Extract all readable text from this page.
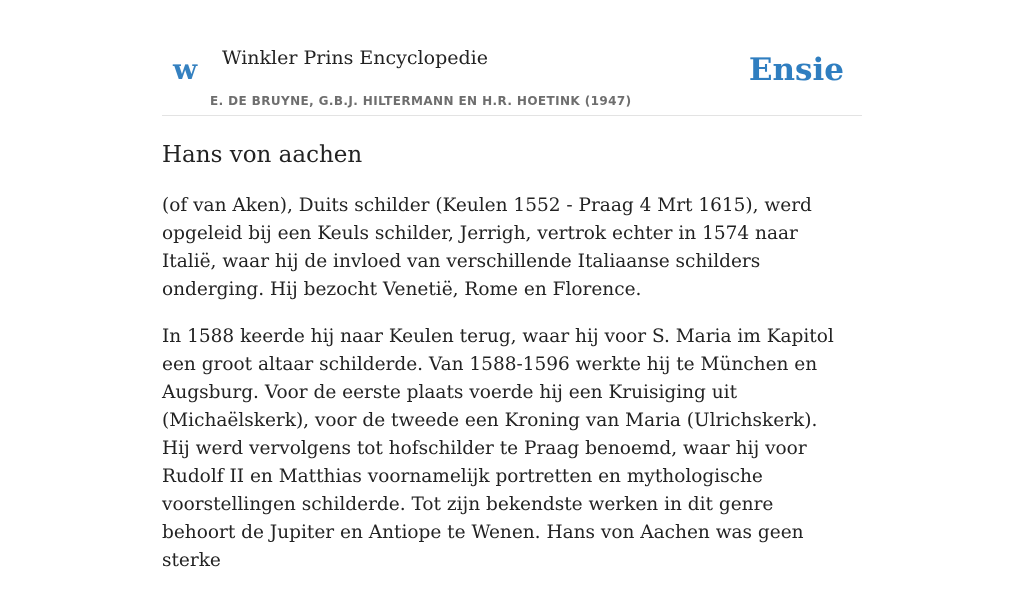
w Winkler Prins Encyclopedie
E. DE BRUYNE, G.B.J. HILTERMANN EN H.R. HOETINK (1947)
Ensie
Hans von aachen

(of van Aken), Duits schilder (Keulen 1552 - Praag 4 Mrt 1615), werd opgeleid bij een Keuls schilder, Jerrigh, vertrok echter in 1574 naar Italië, waar hij de invloed van verschillende Italiaanse schilders onderging. Hij bezocht Venetië, Rome en Florence.

In 1588 keerde hij naar Keulen terug, waar hij voor S. Maria im Kapitol een groot altaar schilderde. Van 1588-1596 werkte hij te München en Augsburg. Voor de eerste plaats voerde hij een Kruisiging uit (Michaëlskerk), voor de tweede een Kroning van Maria (Ulrichskerk). Hij werd vervolgens tot hofschilder te Praag benoemd, waar hij voor Rudolf II en Matthias voornamelijk portretten en mythologische voorstellingen schilderde. Tot zijn bekendste werken in dit genre behoort de Jupiter en Antiope te Wenen. Hans von Aachen was geen sterke
